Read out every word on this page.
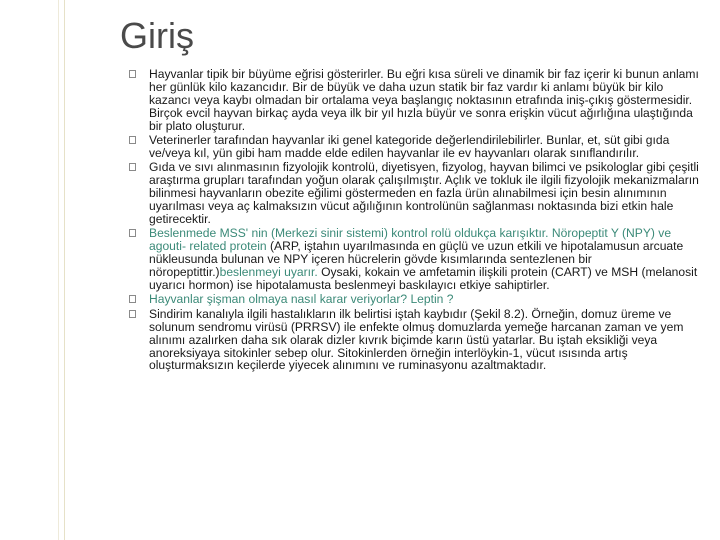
Giriş
Hayvanlar tipik bir büyüme eğrisi gösterirler. Bu eğri kısa süreli ve dinamik bir faz içerir ki bunun anlamı her günlük kilo kazancıdır. Bir de büyük ve daha uzun statik bir faz vardır ki anlamı büyük bir kilo kazancı veya kaybı olmadan bir ortalama veya başlangıç noktasının etrafında iniş-çıkış göstermesidir. Birçok evcil hayvan birkaç ayda veya ilk bir yıl hızla büyür ve sonra erişkin vücut ağırlığına ulaştığında bir plato oluşturur.
Veterinerler tarafından hayvanlar iki genel kategoride değerlendirilebilirler. Bunlar, et, süt gibi gıda ve/veya kıl, yün gibi ham madde elde edilen hayvanlar ile ev hayvanları olarak sınıflandırılır.
Gıda ve sıvı alınmasının fizyolojik kontrolü, diyetisyen, fizyolog, hayvan bilimci ve psikologlar gibi çeşitli araştırma grupları tarafından yoğun olarak çalışılmıştır. Açlık ve tokluk ile ilgili fizyolojik mekanizmaların bilinmesi hayvanların obezite eğilimi göstermeden en fazla ürün alınabilmesi için besin alınımının uyarılması veya aç kalmaksızın vücut ağılığının kontrolünün sağlanması noktasında bizi etkin hale getirecektir.
Beslenmede MSS' nin (Merkezi sinir sistemi) kontrol rolü oldukça karışıktır. Nöropeptit Y (NPY) ve agouti- related protein (ARP, iştahın uyarılmasında en güçlü ve uzun etkili ve hipotalamusun arcuate nükleusunda bulunan ve NPY içeren hücrelerin gövde kısımlarında sentezlenen bir nöropeptittir.)beslenmeyi uyarır. Oysaki, kokain ve amfetamin ilişkili protein (CART) ve MSH (melanosit uyarıcı hormon) ise hipotalamusta beslenmeyi baskılayıcı etkiye sahiptirler.
Hayvanlar şişman olmaya nasıl karar veriyorlar? Leptin ?
Sindirim kanalıyla ilgili hastalıkların ilk belirtisi iştah kaybıdır (Şekil 8.2). Örneğin, domuz üreme ve solunum sendromu virüsü (PRRSV) ile enfekte olmuş domuzlarda yemeğe harcanan zaman ve yem alınımı azalırken daha sık olarak dizler kıvrık biçimde karın üstü yatarlar. Bu iştah eksikliği veya anoreksiyaya sitokinler sebep olur. Sitokinlerden örneğin interlöykin-1, vücut ısısında artış oluşturmaksızın keçilerde yiyecek alınımını ve ruminasyonu azaltmaktadır.
